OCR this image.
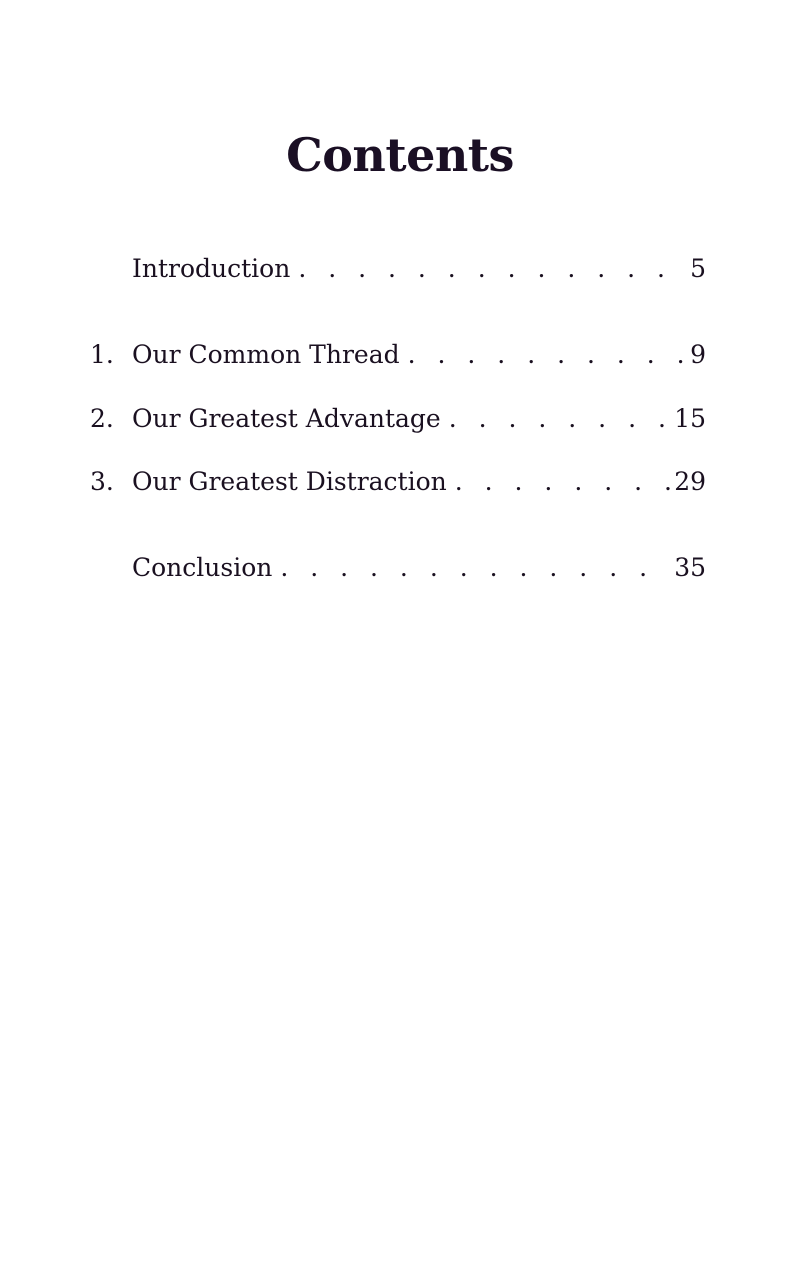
Contents
Introduction . . .	5
1. Our Common Thread . . .	9
2. Our Greatest Advantage . . .	15
3. Our Greatest Distraction . . .	29
Conclusion . . .	35
